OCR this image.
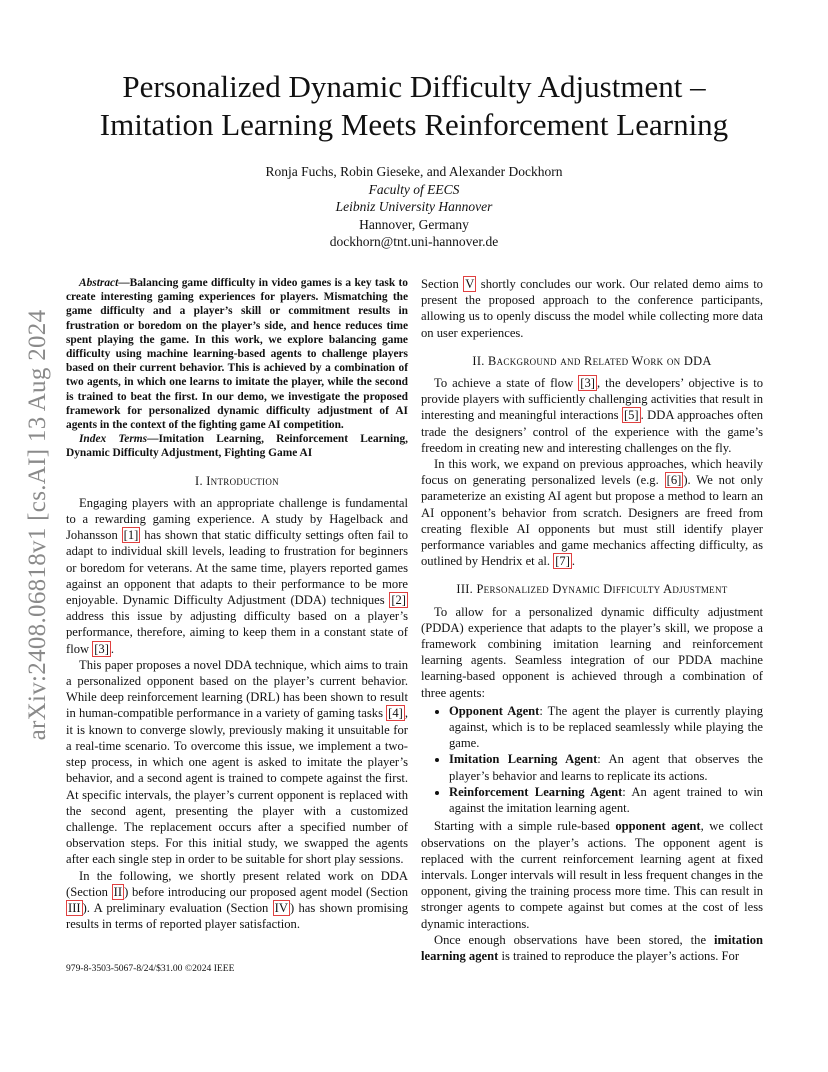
arXiv:2408.06818v1 [cs.AI] 13 Aug 2024
Personalized Dynamic Difficulty Adjustment –
Imitation Learning Meets Reinforcement Learning
Ronja Fuchs, Robin Gieseke, and Alexander Dockhorn
Faculty of EECS
Leibniz University Hannover
Hannover, Germany
dockhorn@tnt.uni-hannover.de

Abstract—Balancing game difficulty in video games is a key task to create interesting gaming experiences for players. Mismatching the game difficulty and a player’s skill or commitment results in frustration or boredom on the player’s side, and hence reduces time spent playing the game. In this work, we explore balancing game difficulty using machine learning-based agents to challenge players based on their current behavior. This is achieved by a combination of two agents, in which one learns to imitate the player, while the second is trained to beat the first. In our demo, we investigate the proposed framework for personalized dynamic difficulty adjustment of AI agents in the context of the fighting game AI competition.

Index Terms—Imitation Learning, Reinforcement Learning, Dynamic Difficulty Adjustment, Fighting Game AI

I. Introduction

Engaging players with an appropriate challenge is fundamental to a rewarding gaming experience. A study by Hagelback and Johansson [1] has shown that static difficulty settings often fail to adapt to individual skill levels, leading to frustration for beginners or boredom for veterans. At the same time, players reported games against an opponent that adapts to their performance to be more enjoyable. Dynamic Difficulty Adjustment (DDA) techniques [2] address this issue by adjusting difficulty based on a player’s performance, therefore, aiming to keep them in a constant state of flow [3] .

This paper proposes a novel DDA technique, which aims to train a personalized opponent based on the player’s current behavior. While deep reinforcement learning (DRL) has been shown to result in human-compatible performance in a variety of gaming tasks [4] , it is known to converge slowly, previously making it unsuitable for a real-time scenario. To overcome this issue, we implement a two-step process, in which one agent is asked to imitate the player’s behavior, and a second agent is trained to compete against the first. At specific intervals, the player’s current opponent is replaced with the second agent, presenting the player with a customized challenge. The replacement occurs after a specified number of observation steps. For this initial study, we swapped the agents after each single step in order to be suitable for short play sessions.

In the following, we shortly present related work on DDA (Section II ) before introducing our proposed agent model (Section III ). A preliminary evaluation (Section IV ) has shown promising results in terms of reported player satisfaction.

Section V shortly concludes our work. Our related demo aims to present the proposed approach to the conference participants, allowing us to openly discuss the model while collecting more data on user experiences.

II. Background and Related Work on DDA

To achieve a state of flow [3] , the developers’ objective is to provide players with sufficiently challenging activities that result in interesting and meaningful interactions [5] . DDA approaches often trade the designers’ control of the experience with the game’s freedom in creating new and interesting challenges on the fly.

In this work, we expand on previous approaches, which heavily focus on generating personalized levels (e.g. [6] ). We not only parameterize an existing AI agent but propose a method to learn an AI opponent’s behavior from scratch. Designers are freed from creating flexible AI opponents but must still identify player performance variables and game mechanics affecting difficulty, as outlined by Hendrix et al. [7] .

III. Personalized Dynamic Difficulty Adjustment

To allow for a personalized dynamic difficulty adjustment (PDDA) experience that adapts to the player’s skill, we propose a framework combining imitation learning and reinforcement learning agents. Seamless integration of our PDDA machine learning-based opponent is achieved through a combination of three agents:

• Opponent Agent: The agent the player is currently playing against, which is to be replaced seamlessly while playing the game.
• Imitation Learning Agent: An agent that observes the player’s behavior and learns to replicate its actions.
• Reinforcement Learning Agent: An agent trained to win against the imitation learning agent.

Starting with a simple rule-based opponent agent, we collect observations on the player’s actions. The opponent agent is replaced with the current reinforcement learning agent at fixed intervals. Longer intervals will result in less frequent changes in the opponent, giving the training process more time. This can result in stronger agents to compete against but comes at the cost of less dynamic interactions.

Once enough observations have been stored, the imitation learning agent is trained to reproduce the player’s actions. For

979-8-3503-5067-8/24/$31.00 ©2024 IEEE
